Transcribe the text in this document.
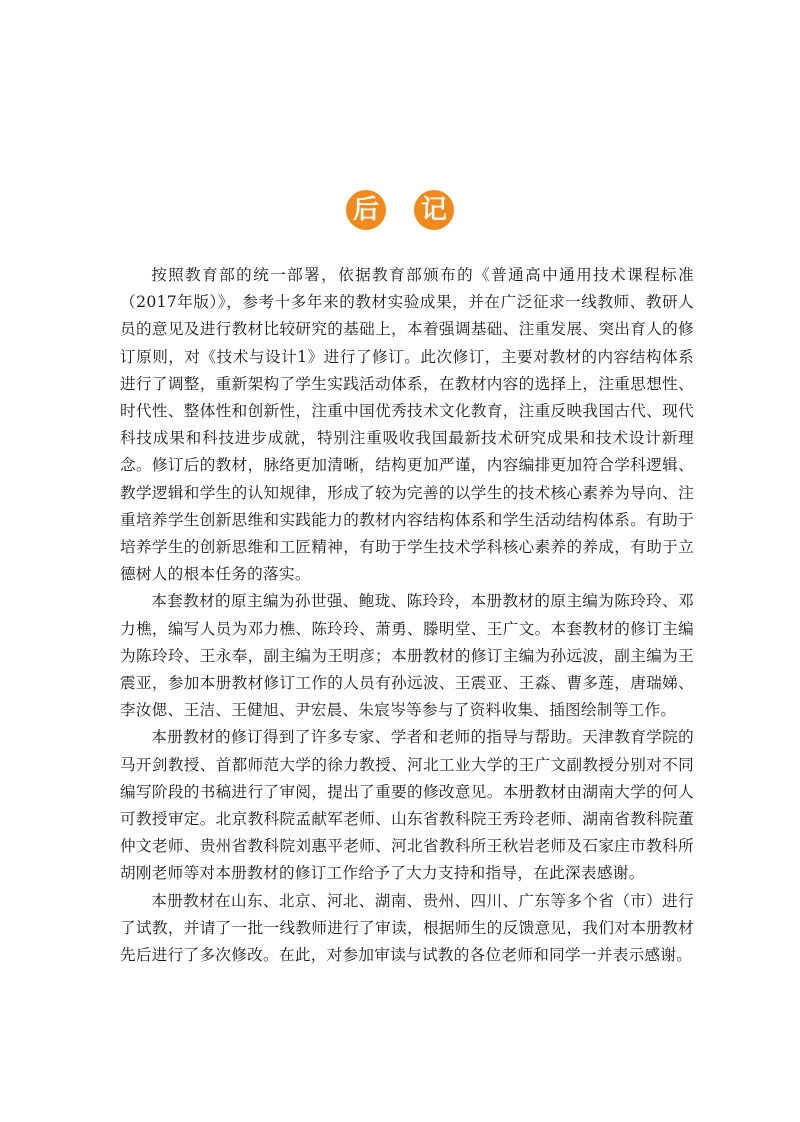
后 记

按照教育部的统一部署，依据教育部颁布的《普通高中通用技术课程标准（2017年版）》，参考十多年来的教材实验成果，并在广泛征求一线教师、教研人员的意见及进行教材比较研究的基础上，本着强调基础、注重发展、突出育人的修订原则，对《技术与设计1》进行了修订。此次修订，主要对教材的内容结构体系进行了调整，重新架构了学生实践活动体系，在教材内容的选择上，注重思想性、时代性、整体性和创新性，注重中国优秀技术文化教育，注重反映我国古代、现代科技成果和科技进步成就，特别注重吸收我国最新技术研究成果和技术设计新理念。修订后的教材，脉络更加清晰，结构更加严谨，内容编排更加符合学科逻辑、教学逻辑和学生的认知规律，形成了较为完善的以学生的技术核心素养为导向、注重培养学生创新思维和实践能力的教材内容结构体系和学生活动结构体系。有助于培养学生的创新思维和工匠精神，有助于学生技术学科核心素养的养成，有助于立德树人的根本任务的落实。

本套教材的原主编为孙世强、鲍珑、陈玲玲，本册教材的原主编为陈玲玲、邓力樵，编写人员为邓力樵、陈玲玲、萧勇、滕明堂、王广文。本套教材的修订主编为陈玲玲、王永奉，副主编为王明彦；本册教材的修订主编为孙远波，副主编为王震亚，参加本册教材修订工作的人员有孙远波、王震亚、王淼、曹多莲，唐瑞娣、李汝偲、王洁、王健旭、尹宏晨、朱宸岑等参与了资料收集、插图绘制等工作。

本册教材的修订得到了许多专家、学者和老师的指导与帮助。天津教育学院的马开剑教授、首都师范大学的徐力教授、河北工业大学的王广文副教授分别对不同编写阶段的书稿进行了审阅，提出了重要的修改意见。本册教材由湖南大学的何人可教授审定。北京教科院孟献军老师、山东省教科院王秀玲老师、湖南省教科院董仲文老师、贵州省教科院刘惠平老师、河北省教科所王秋岩老师及石家庄市教科所胡刚老师等对本册教材的修订工作给予了大力支持和指导，在此深表感谢。

本册教材在山东、北京、河北、湖南、贵州、四川、广东等多个省（市）进行了试教，并请了一批一线教师进行了审读，根据师生的反馈意见，我们对本册教材先后进行了多次修改。在此，对参加审读与试教的各位老师和同学一并表示感谢。
